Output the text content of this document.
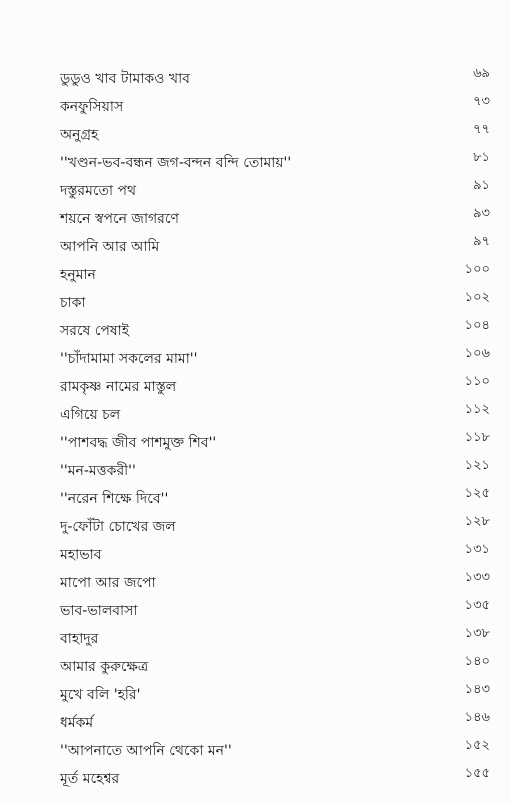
ডুডুও খাব টামাকও খাব	৬৯
কনফুসিয়াস	৭৩
অনুগ্রহ	৭৭
''খণ্ডন-ভব-বন্ধন জগ-বন্দন বন্দি তোমায়''	৮১
দস্তুরমতো পথ	৯১
শয়নে স্বপনে জাগরণে	৯৩
আপনি আর আমি	৯৭
হনুমান	১০০
চাকা	১০২
সরষে পেষাই	১০৪
''চাঁদামামা সকলের মামা''	১০৬
রামকৃষ্ণ নামের মাস্তুল	১১০
এগিয়ে চল	১১২
''পাশবদ্ধ জীব পাশমুক্ত শিব''	১১৮
''মন-মত্তকরী''	১২১
''নরেন শিক্ষে দিবে''	১২৫
দু-ফোঁটা চোখের জল	১২৮
মহাভাব	১৩১
মাপো আর জপো	১৩৩
ভাব-ভালবাসা	১৩৫
বাহাদুর	১৩৮
আমার কুরুক্ষেত্র	১৪০
মুখে বলি 'হরি'	১৪৩
ধর্মকর্ম	১৪৬
''আপনাতে আপনি থেকো মন''	১৫২
মূর্ত মহেশ্বর	১৫৫
